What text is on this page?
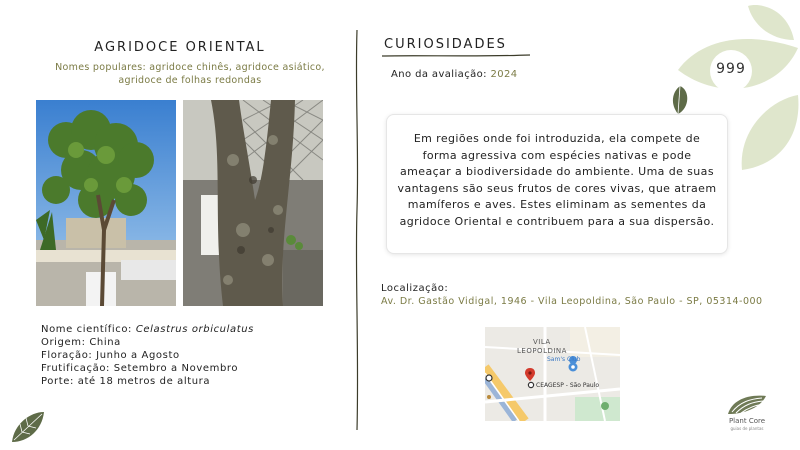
999
AGRIDOCE ORIENTAL
Nomes populares: agridoce chinês, agridoce asiático, agridoce de folhas redondas
Nome científico: Celastrus orbiculatus
Origem: China
Floração: Junho a Agosto
Frutificação: Setembro a Novembro
Porte: até 18 metros de altura
CURIOSIDADES
Ano da avaliação: 2024
Em regiões onde foi introduzida, ela compete de forma agressiva com espécies nativas e pode ameaçar a biodiversidade do ambiente. Uma de suas vantagens são seus frutos de cores vivas, que atraem mamíferos e aves. Estes eliminam as sementes da agridoce Oriental e contribuem para a sua dispersão.
Localização:
Av. Dr. Gastão Vidigal, 1946 - Vila Leopoldina, São Paulo - SP, 05314-000
VILA
LEOPOLDINA
Sam's Club
CEAGESP - São Paulo
Plant Core
guias de plantas
